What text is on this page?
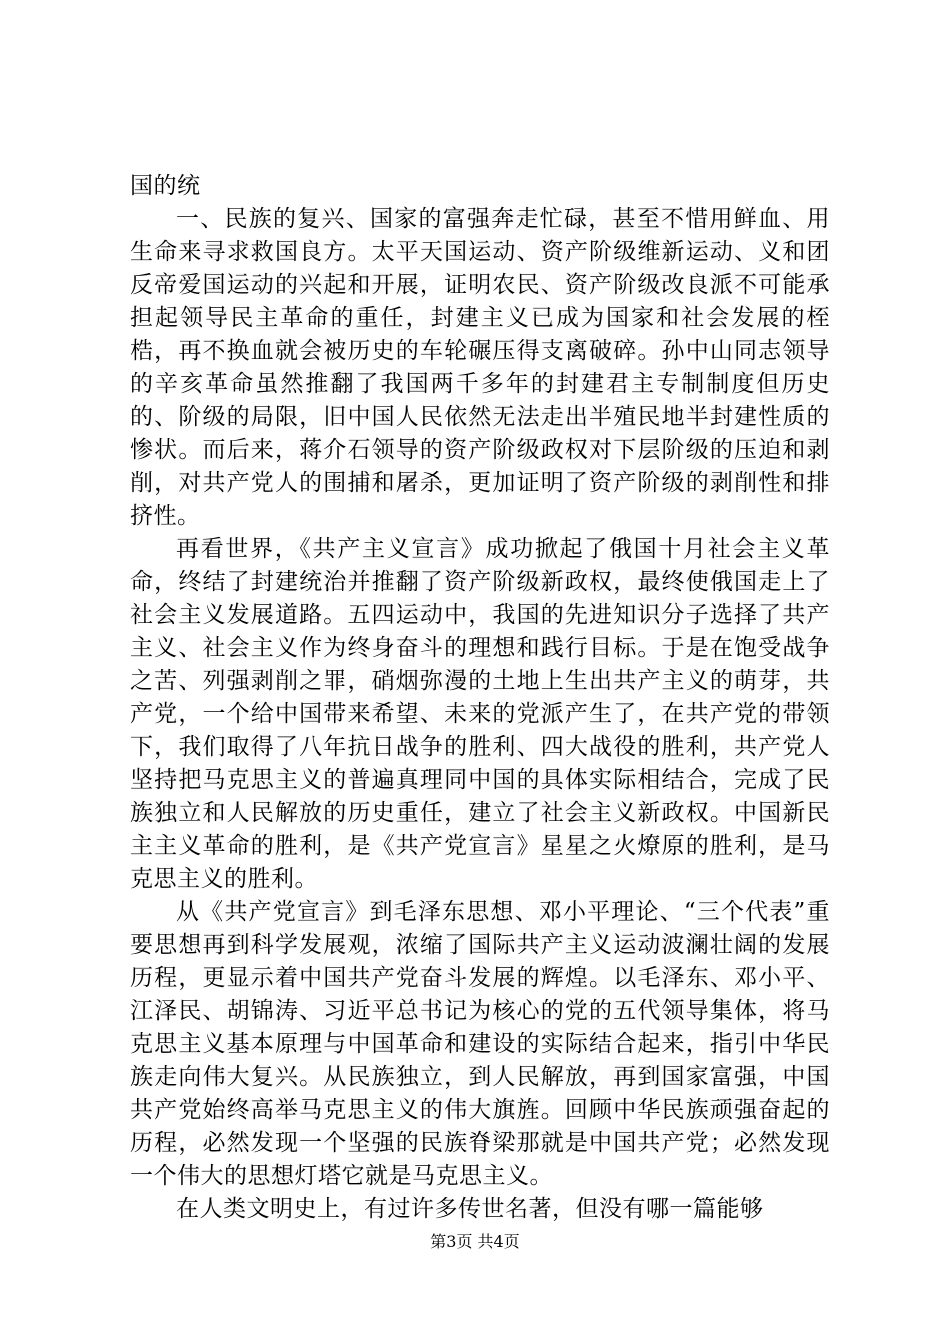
国的统

一、民族的复兴、国家的富强奔走忙碌，甚至不惜用鲜血、用生命来寻求救国良方。太平天国运动、资产阶级维新运动、义和团反帝爱国运动的兴起和开展，证明农民、资产阶级改良派不可能承担起领导民主革命的重任，封建主义已成为国家和社会发展的桎梏，再不换血就会被历史的车轮碾压得支离破碎。孙中山同志领导的辛亥革命虽然推翻了我国两千多年的封建君主专制制度但历史的、阶级的局限，旧中国人民依然无法走出半殖民地半封建性质的惨状。而后来，蒋介石领导的资产阶级政权对下层阶级的压迫和剥削，对共产党人的围捕和屠杀，更加证明了资产阶级的剥削性和排挤性。

再看世界，《共产主义宣言》成功掀起了俄国十月社会主义革命，终结了封建统治并推翻了资产阶级新政权，最终使俄国走上了社会主义发展道路。五四运动中，我国的先进知识分子选择了共产主义、社会主义作为终身奋斗的理想和践行目标。于是在饱受战争之苦、列强剥削之罪，硝烟弥漫的土地上生出共产主义的萌芽，共产党，一个给中国带来希望、未来的党派产生了，在共产党的带领下，我们取得了八年抗日战争的胜利、四大战役的胜利，共产党人坚持把马克思主义的普遍真理同中国的具体实际相结合，完成了民族独立和人民解放的历史重任，建立了社会主义新政权。中国新民主主义革命的胜利，是《共产党宣言》星星之火燎原的胜利，是马克思主义的胜利。

从《共产党宣言》到毛泽东思想、邓小平理论、“三个代表”重要思想再到科学发展观，浓缩了国际共产主义运动波澜壮阔的发展历程，更显示着中国共产党奋斗发展的辉煌。以毛泽东、邓小平、江泽民、胡锦涛、习近平总书记为核心的党的五代领导集体，将马克思主义基本原理与中国革命和建设的实际结合起来，指引中华民族走向伟大复兴。从民族独立，到人民解放，再到国家富强，中国共产党始终高举马克思主义的伟大旗旌。回顾中华民族顽强奋起的历程，必然发现一个坚强的民族脊梁那就是中国共产党；必然发现一个伟大的思想灯塔它就是马克思主义。

在人类文明史上，有过许多传世名著，但没有哪一篇能够

第3页 共4页
